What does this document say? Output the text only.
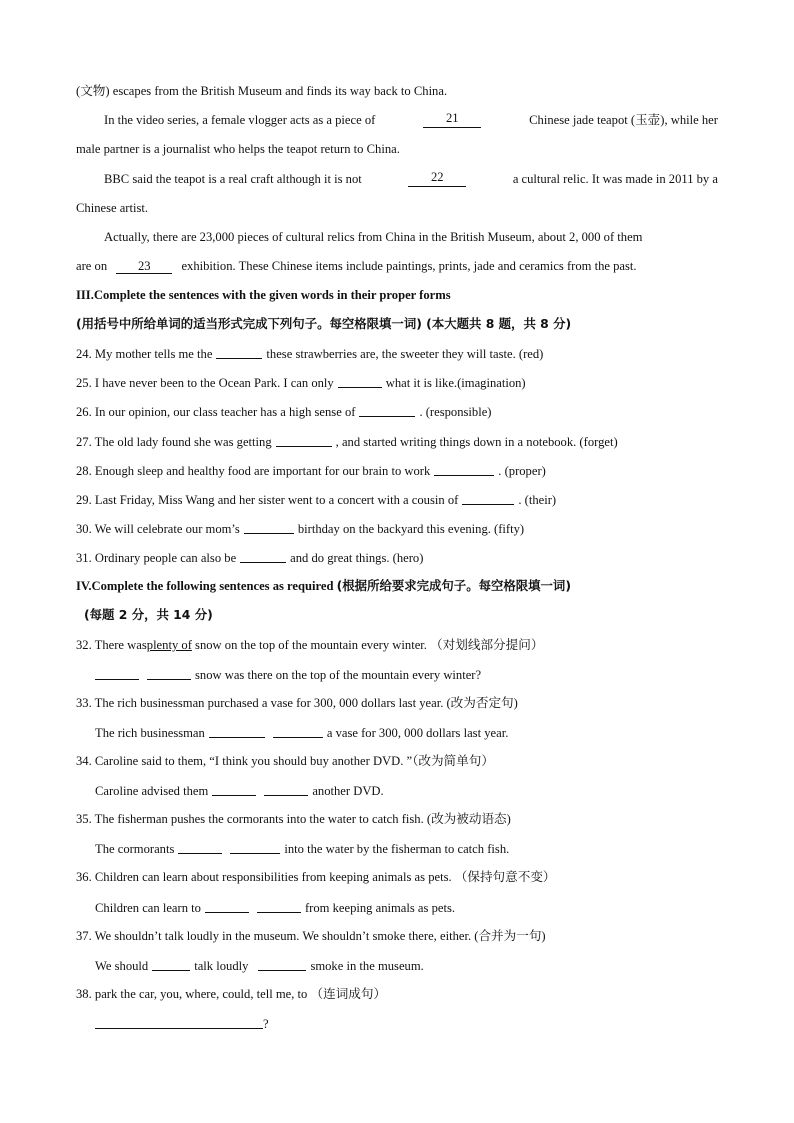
(文物) escapes from the British Museum and finds its way back to China.
In the video series, a female vlogger acts as a piece of	21	Chinese jade teapot (玉壶), while her
male partner is a journalist who helps the teapot return to China.
BBC said the teapot is a real craft although it is not	22	a cultural relic. It was made in 2011 by a
Chinese artist.
Actually, there are 23,000 pieces of cultural relics from China in the British Museum, about 2, 000 of them
are on 23 exhibition. These Chinese items include paintings, prints, jade and ceramics from the past.
III.Complete the sentences with the given words in their proper forms
(用括号中所给单词的适当形式完成下列句子。每空格限填一词) (本大题共 8 题，共 8 分)
24. My mother tells me the	these strawberries are, the sweeter they will taste. (red)
25. I have never been to the Ocean Park. I can only	what it is like.(imagination)
26. In our opinion, our class teacher has a high sense of	. (responsible)
27. The old lady found she was getting	, and started writing things down in a notebook. (forget)
28. Enough sleep and healthy food are important for our brain to work	. (proper)
29. Last Friday, Miss Wang and her sister went to a concert with a cousin of	. (their)
30. We will celebrate our mom’s	birthday on the backyard this evening. (fifty)
31. Ordinary people can also be	and do great things. (hero)
IV.Complete the following sentences as required (根据所给要求完成句子。每空格限填一词)
(每题 2 分，共 14 分)
32. There wasplenty of snow on the top of the mountain every winter. （对划线部分提问）
snow was there on the top of the mountain every winter?
33. The rich businessman purchased a vase for 300, 000 dollars last year. (改为否定句)
The rich businessman	a vase for 300, 000 dollars last year.
34. Caroline said to them, “I think you should buy another DVD. ”（改为简单句）
Caroline advised them	another DVD.
35. The fisherman pushes the cormorants into the water to catch fish. (改为被动语态)
The cormorants	into the water by the fisherman to catch fish.
36. Children can learn about responsibilities from keeping animals as pets. （保持句意不变）
Children can learn to	from keeping animals as pets.
37. We shouldn’t talk loudly in the museum. We shouldn’t smoke there, either. (合并为一句)
We should	talk loudly	smoke in the museum.
38. park the car, you, where, could, tell me, to （连词成句）
?
